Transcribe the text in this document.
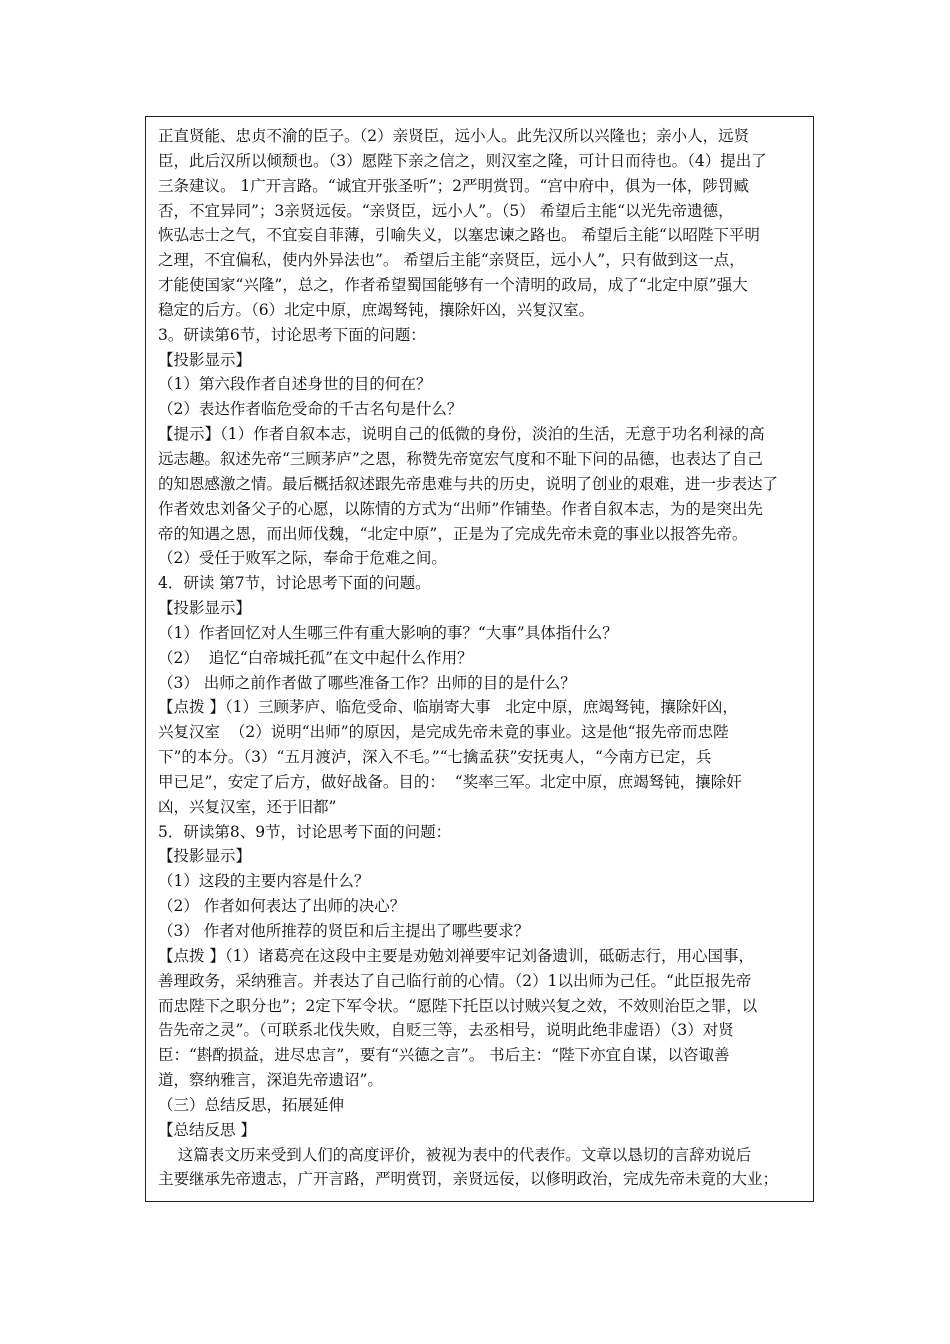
正直贤能、忠贞不渝的臣子。（2）亲贤臣，远小人。此先汉所以兴隆也；亲小人，远贤
臣，此后汉所以倾颓也。（3）愿陛下亲之信之，则汉室之隆，可计日而待也。（4）提出了
三条建议。 1广开言路。“诚宜开张圣听”；2严明赏罚。“宫中府中，俱为一体，陟罚臧
否，不宜异同”；3亲贤远佞。“亲贤臣，远小人”。（5） 希望后主能“以光先帝遗德，
恢弘志士之气，不宜妄自菲薄，引喻失义，以塞忠谏之路也。 希望后主能“以昭陛下平明
之理，不宜偏私，使内外异法也”。 希望后主能“亲贤臣，远小人”，只有做到这一点，
才能使国家“兴隆”，总之，作者希望蜀国能够有一个清明的政局，成了“北定中原”强大
稳定的后方。（6）北定中原，庶竭驽钝，攘除奸凶，兴复汉室。
3。研读第6节，讨论思考下面的问题：
【投影显示】
（1）第六段作者自述身世的目的何在？
（2）表达作者临危受命的千古名句是什么？
【提示】（1）作者自叙本志，说明自己的低微的身份，淡泊的生活，无意于功名利禄的高
远志趣。叙述先帝“三顾茅庐”之恩，称赞先帝宽宏气度和不耻下问的品德，也表达了自己
的知恩感激之情。最后概括叙述跟先帝患难与共的历史，说明了创业的艰难，进一步表达了
作者效忠刘备父子的心愿，以陈情的方式为“出师”作铺垫。作者自叙本志，为的是突出先
帝的知遇之恩，而出师伐魏，“北定中原”，正是为了完成先帝未竟的事业以报答先帝。
（2）受任于败军之际，奉命于危难之间。
4．研读 第7节，讨论思考下面的问题。
【投影显示】
（1）作者回忆对人生哪三件有重大影响的事？“大事”具体指什么？
（2）  追忆“白帝城托孤”在文中起什么作用？
（3） 出师之前作者做了哪些准备工作？出师的目的是什么？
【点拨 】（1）三顾茅庐、临危受命、临崩寄大事   北定中原，庶竭驽钝，攘除奸凶，
兴复汉室  （2）说明“出师”的原因，是完成先帝未竟的事业。这是他“报先帝而忠陛
下”的本分。（3）“五月渡泸，深入不毛。”“七擒孟获”安抚夷人，“今南方已定，兵
甲已足”，安定了后方，做好战备。目的：  “奖率三军。北定中原，庶竭驽钝，攘除奸
凶，兴复汉室，还于旧都”
5．研读第8、9节，讨论思考下面的问题：
【投影显示】
（1）这段的主要内容是什么？
（2） 作者如何表达了出师的决心？
（3） 作者对他所推荐的贤臣和后主提出了哪些要求？
【点拨 】（1）诸葛亮在这段中主要是劝勉刘禅要牢记刘备遗训，砥砺志行，用心国事，
善理政务，采纳雅言。并表达了自己临行前的心情。（2）1以出师为己任。“此臣报先帝
而忠陛下之职分也”；2定下军令状。“愿陛下托臣以讨贼兴复之效，不效则治臣之罪，以
告先帝之灵”。（可联系北伐失败，自贬三等，去丞相号，说明此绝非虚语）（3）对贤
臣：“斟酌损益，进尽忠言”，要有“兴德之言”。 书后主：“陛下亦宜自谋，以咨诹善
道，察纳雅言，深追先帝遗诏”。
（三）总结反思，拓展延伸
【总结反思 】
这篇表文历来受到人们的高度评价，被视为表中的代表作。文章以恳切的言辞劝说后
主要继承先帝遗志，广开言路，严明赏罚，亲贤远佞，以修明政治，完成先帝未竟的大业；
